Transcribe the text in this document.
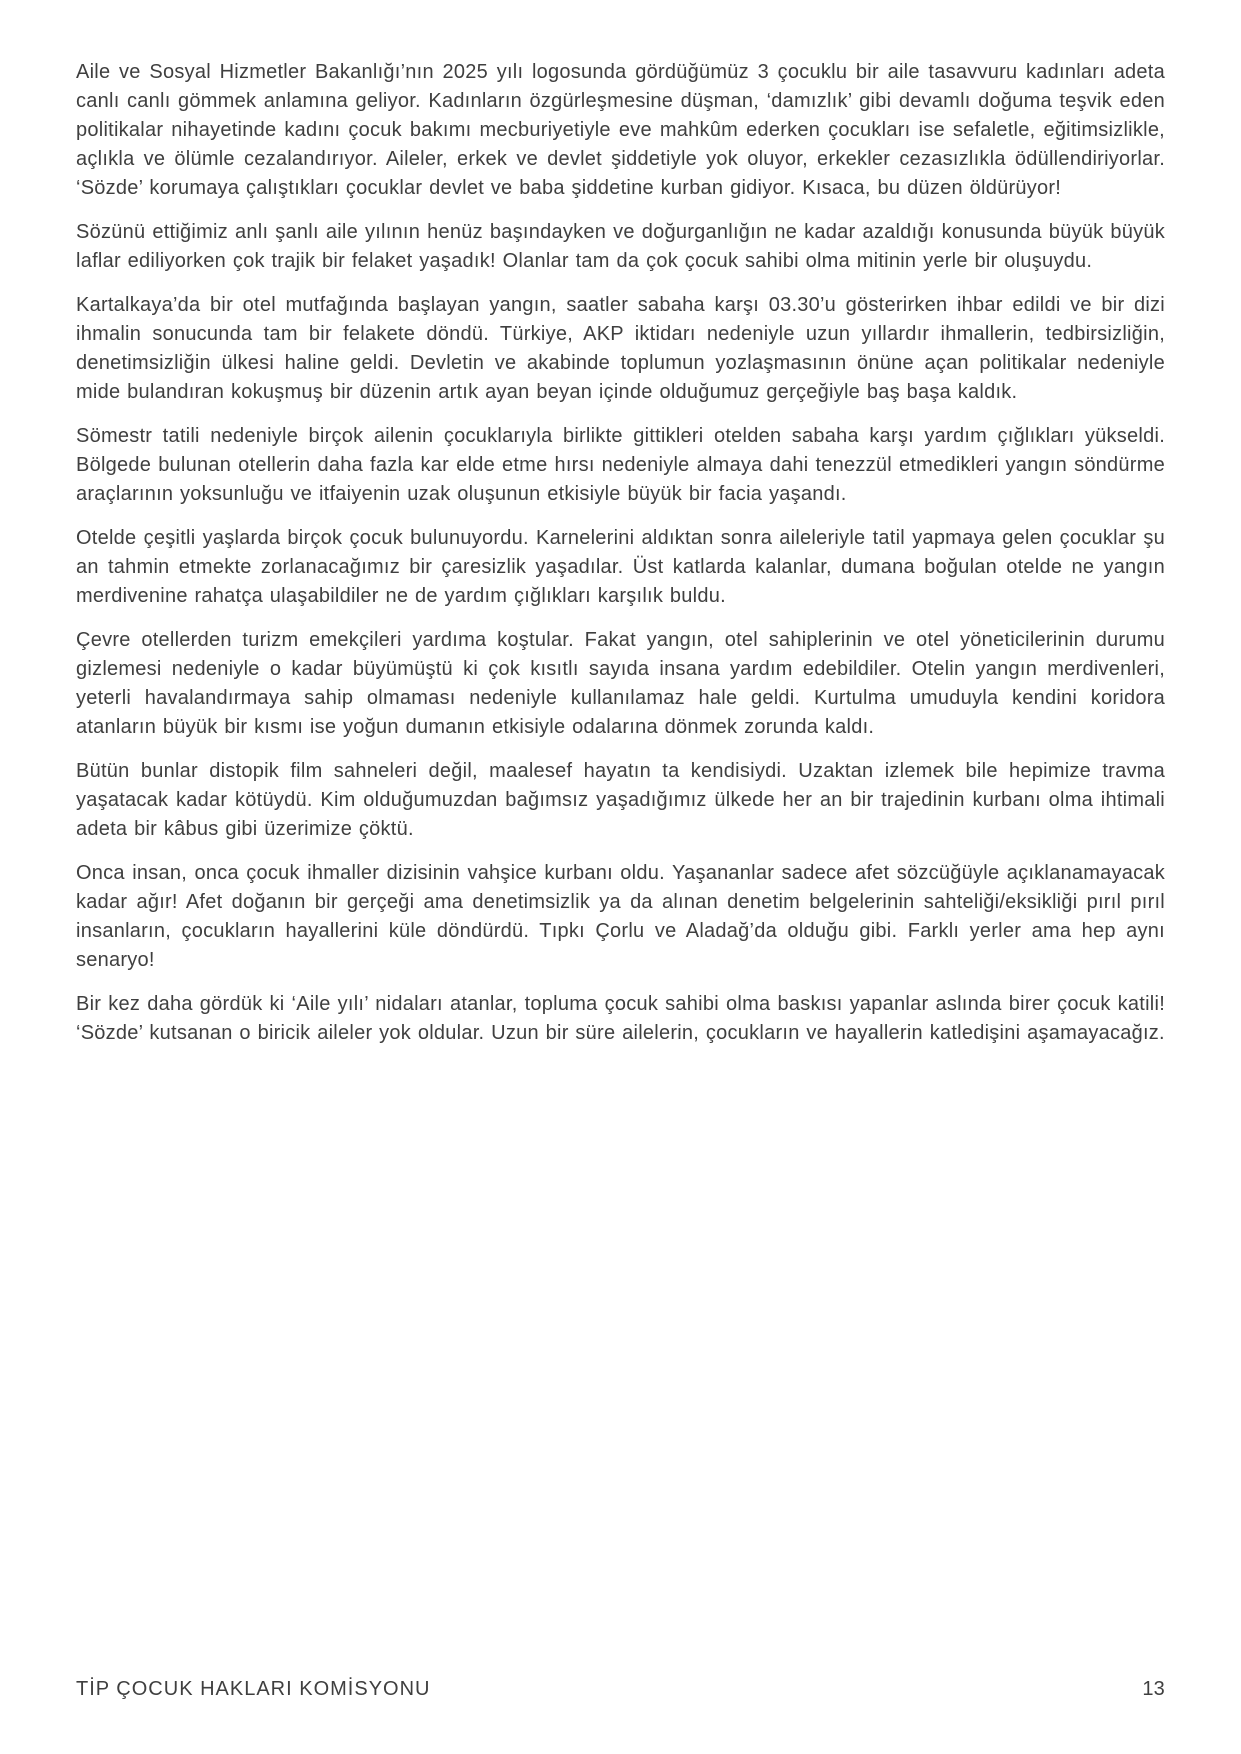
Aile ve Sosyal Hizmetler Bakanlığı’nın 2025 yılı logosunda gördüğümüz 3 çocuklu bir aile tasavvuru kadınları adeta canlı canlı gömmek anlamına geliyor. Kadınların özgürleşmesine düşman, ‘damızlık’ gibi devamlı doğuma teşvik eden politikalar nihayetinde kadını çocuk bakımı mecburiyetiyle eve mahkûm ederken çocukları ise sefaletle, eğitimsizlikle, açlıkla ve ölümle cezalandırıyor. Aileler, erkek ve devlet şiddetiyle yok oluyor, erkekler cezasızlıkla ödüllendiriyorlar. ‘Sözde’ korumaya çalıştıkları çocuklar devlet ve baba şiddetine kurban gidiyor. Kısaca, bu düzen öldürüyor!

Sözünü ettiğimiz anlı şanlı aile yılının henüz başındayken ve doğurganlığın ne kadar azaldığı konusunda büyük büyük laflar ediliyorken çok trajik bir felaket yaşadık! Olanlar tam da çok çocuk sahibi olma mitinin yerle bir oluşuydu.

Kartalkaya’da bir otel mutfağında başlayan yangın, saatler sabaha karşı 03.30’u gösterirken ihbar edildi ve bir dizi ihmalin sonucunda tam bir felakete döndü. Türkiye, AKP iktidarı nedeniyle uzun yıllardır ihmallerin, tedbirsizliğin, denetimsizliğin ülkesi haline geldi. Devletin ve akabinde toplumun yozlaşmasının önüne açan politikalar nedeniyle mide bulandıran kokuşmuş bir düzenin artık ayan beyan içinde olduğumuz gerçeğiyle baş başa kaldık.

Sömestr tatili nedeniyle birçok ailenin çocuklarıyla birlikte gittikleri otelden sabaha karşı yardım çığlıkları yükseldi. Bölgede bulunan otellerin daha fazla kar elde etme hırsı nedeniyle almaya dahi tenezzül etmedikleri yangın söndürme araçlarının yoksunluğu ve itfaiyenin uzak oluşunun etkisiyle büyük bir facia yaşandı.

Otelde çeşitli yaşlarda birçok çocuk bulunuyordu. Karnelerini aldıktan sonra aileleriyle tatil yapmaya gelen çocuklar şu an tahmin etmekte zorlanacağımız bir çaresizlik yaşadılar. Üst katlarda kalanlar, dumana boğulan otelde ne yangın merdivenine rahatça ulaşabildiler ne de yardım çığlıkları karşılık buldu.

Çevre otellerden turizm emekçileri yardıma koştular. Fakat yangın, otel sahiplerinin ve otel yöneticilerinin durumu gizlemesi nedeniyle o kadar büyümüştü ki çok kısıtlı sayıda insana yardım edebildiler. Otelin yangın merdivenleri, yeterli havalandırmaya sahip olmaması nedeniyle kullanılamaz hale geldi. Kurtulma umuduyla kendini koridora atanların büyük bir kısmı ise yoğun dumanın etkisiyle odalarına dönmek zorunda kaldı.

Bütün bunlar distopik film sahneleri değil, maalesef hayatın ta kendisiydi. Uzaktan izlemek bile hepimize travma yaşatacak kadar kötüydü. Kim olduğumuzdan bağımsız yaşadığımız ülkede her an bir trajedinin kurbanı olma ihtimali adeta bir kâbus gibi üzerimize çöktü.

Onca insan, onca çocuk ihmaller dizisinin vahşice kurbanı oldu. Yaşananlar sadece afet sözcüğüyle açıklanamayacak kadar ağır! Afet doğanın bir gerçeği ama denetimsizlik ya da alınan denetim belgelerinin sahteliği/eksikliği pırıl pırıl insanların, çocukların hayallerini küle döndürdü. Tıpkı Çorlu ve Aladağ’da olduğu gibi. Farklı yerler ama hep aynı senaryo!

Bir kez daha gördük ki ‘Aile yılı’ nidaları atanlar, topluma çocuk sahibi olma baskısı yapanlar aslında birer çocuk katili! ‘Sözde’ kutsanan o biricik aileler yok oldular. Uzun bir süre ailelerin, çocukların ve hayallerin katledişini aşamayacağız.

TİP ÇOCUK HAKLARI KOMİSYONU	13
